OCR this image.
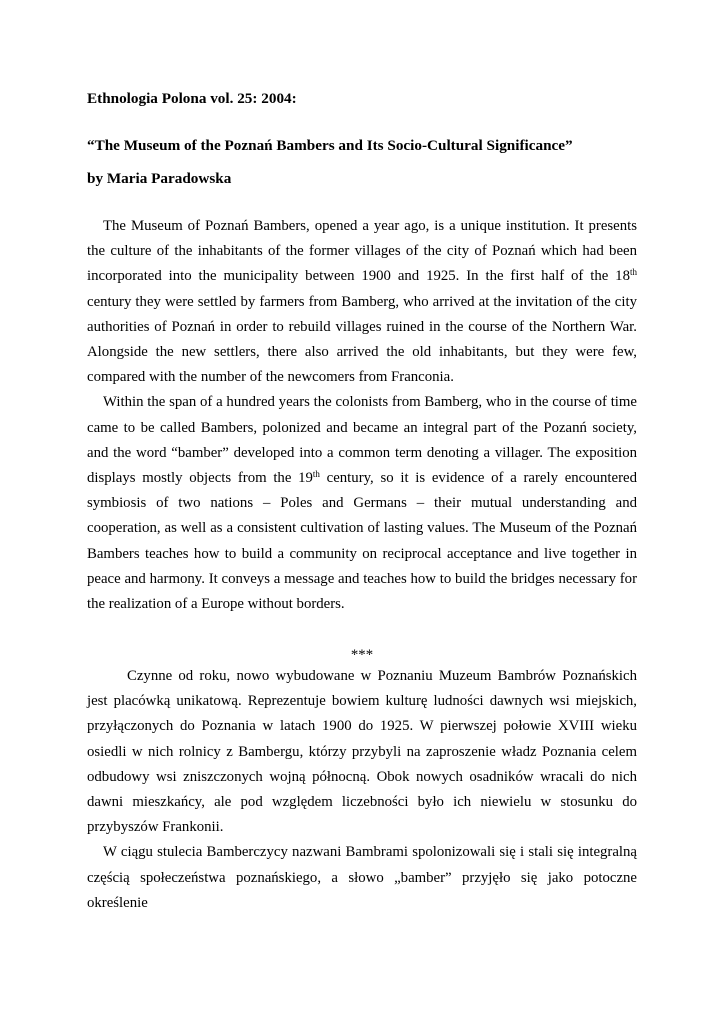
Ethnologia Polona vol. 25: 2004:
“The Museum of the Poznań Bambers and Its Socio-Cultural Significance”
by Maria Paradowska

The Museum of Poznań Bambers, opened a year ago, is a unique institution. It presents the culture of the inhabitants of the former villages of the city of Poznań which had been incorporated into the municipality between 1900 and 1925. In the first half of the 18th century they were settled by farmers from Bamberg, who arrived at the invitation of the city authorities of Poznań in order to rebuild villages ruined in the course of the Northern War. Alongside the new settlers, there also arrived the old inhabitants, but they were few, compared with the number of the newcomers from Franconia.

Within the span of a hundred years the colonists from Bamberg, who in the course of time came to be called Bambers, polonized and became an integral part of the Pozanń society, and the word “bamber” developed into a common term denoting a villager. The exposition displays mostly objects from the 19th century, so it is evidence of a rarely encountered symbiosis of two nations – Poles and Germans – their mutual understanding and cooperation, as well as a consistent cultivation of lasting values. The Museum of the Poznań Bambers teaches how to build a community on reciprocal acceptance and live together in peace and harmony. It conveys a message and teaches how to build the bridges necessary for the realization of a Europe without borders.

***

Czynne od roku, nowo wybudowane w Poznaniu Muzeum Bambrów Poznańskich jest placówką unikatową. Reprezentuje bowiem kulturę ludności dawnych wsi miejskich, przyłączonych do Poznania w latach 1900 do 1925. W pierwszej połowie XVIII wieku osiedli w nich rolnicy z Bambergu, którzy przybyli na zaproszenie władz Poznania celem odbudowy wsi zniszczonych wojną północną. Obok nowych osadników wracali do nich dawni mieszkańcy, ale pod względem liczebności było ich niewielu w stosunku do przybyszów Frankonii.

W ciągu stulecia Bamberczycy nazwani Bambrami spolonizowali się i stali się integralną częścią społeczeństwa poznańskiego, a słowo „bamber” przyjęło się jako potoczne określenie
